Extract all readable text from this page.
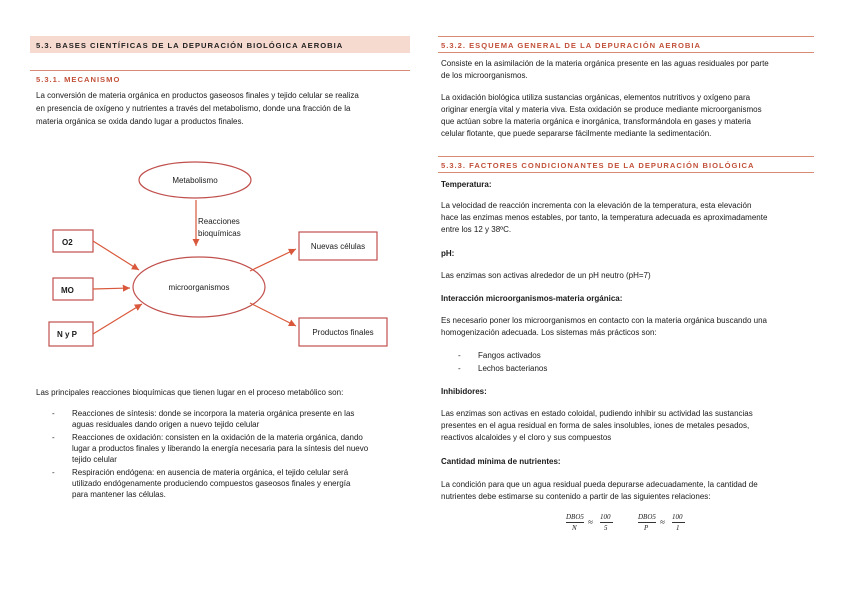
5.3. BASES CIENTÍFICAS DE LA DEPURACIÓN BIOLÓGICA AEROBIA
5.3.1. MECANISMO
La conversión de materia orgánica en productos gaseosos finales y tejido celular se realiza
en presencia de oxígeno y nutrientes a través del metabolismo, donde una fracción de la
materia orgánica se oxida dando lugar a productos finales.
Metabolismo
Reacciones
bioquímicas
microorganismos
O2
MO
N y P
Nuevas células
Productos finales
Las principales reacciones bioquímicas que tienen lugar en el proceso metabólico son:
- Reacciones de síntesis: donde se incorpora la materia orgánica presente en las
aguas residuales dando origen a nuevo tejido celular
- Reacciones de oxidación: consisten en la oxidación de la materia orgánica, dando
lugar a productos finales y liberando la energía necesaria para la síntesis del nuevo
tejido celular
- Respiración endógena: en ausencia de materia orgánica, el tejido celular será
utilizado endógenamente produciendo compuestos gaseosos finales y energía
para mantener las células.
5.3.2. ESQUEMA GENERAL DE LA DEPURACIÓN AEROBIA
Consiste en la asimilación de la materia orgánica presente en las aguas residuales por parte
de los microorganismos.
La oxidación biológica utiliza sustancias orgánicas, elementos nutritivos y oxígeno para
originar energía vital y materia viva. Esta oxidación se produce mediante microorganismos
que actúan sobre la materia orgánica e inorgánica, transformándola en gases y materia
celular flotante, que puede separarse fácilmente mediante la sedimentación.
5.3.3. FACTORES CONDICIONANTES DE LA DEPURACIÓN BIOLÓGICA
Temperatura:
La velocidad de reacción incrementa con la elevación de la temperatura, esta elevación
hace las enzimas menos estables, por tanto, la temperatura adecuada es aproximadamente
entre los 12 y 38ºC.
pH:
Las enzimas son activas alrededor de un pH neutro (pH=7)
Interacción microorganismos-materia orgánica:
Es necesario poner los microorganismos en contacto con la materia orgánica buscando una
homogenización adecuada. Los sistemas más prácticos son:
- Fangos activados
- Lechos bacterianos
Inhibidores:
Las enzimas son activas en estado coloidal, pudiendo inhibir su actividad las sustancias
presentes en el agua residual en forma de sales insolubles, iones de metales pesados,
reactivos alcaloides y el cloro y sus compuestos
Cantidad mínima de nutrientes:
La condición para que un agua residual pueda depurarse adecuadamente, la cantidad de
nutrientes debe estimarse su contenido a partir de las siguientes relaciones:
DBO5
N
≈ 100
5
DBO5
P
≈ 100
1
